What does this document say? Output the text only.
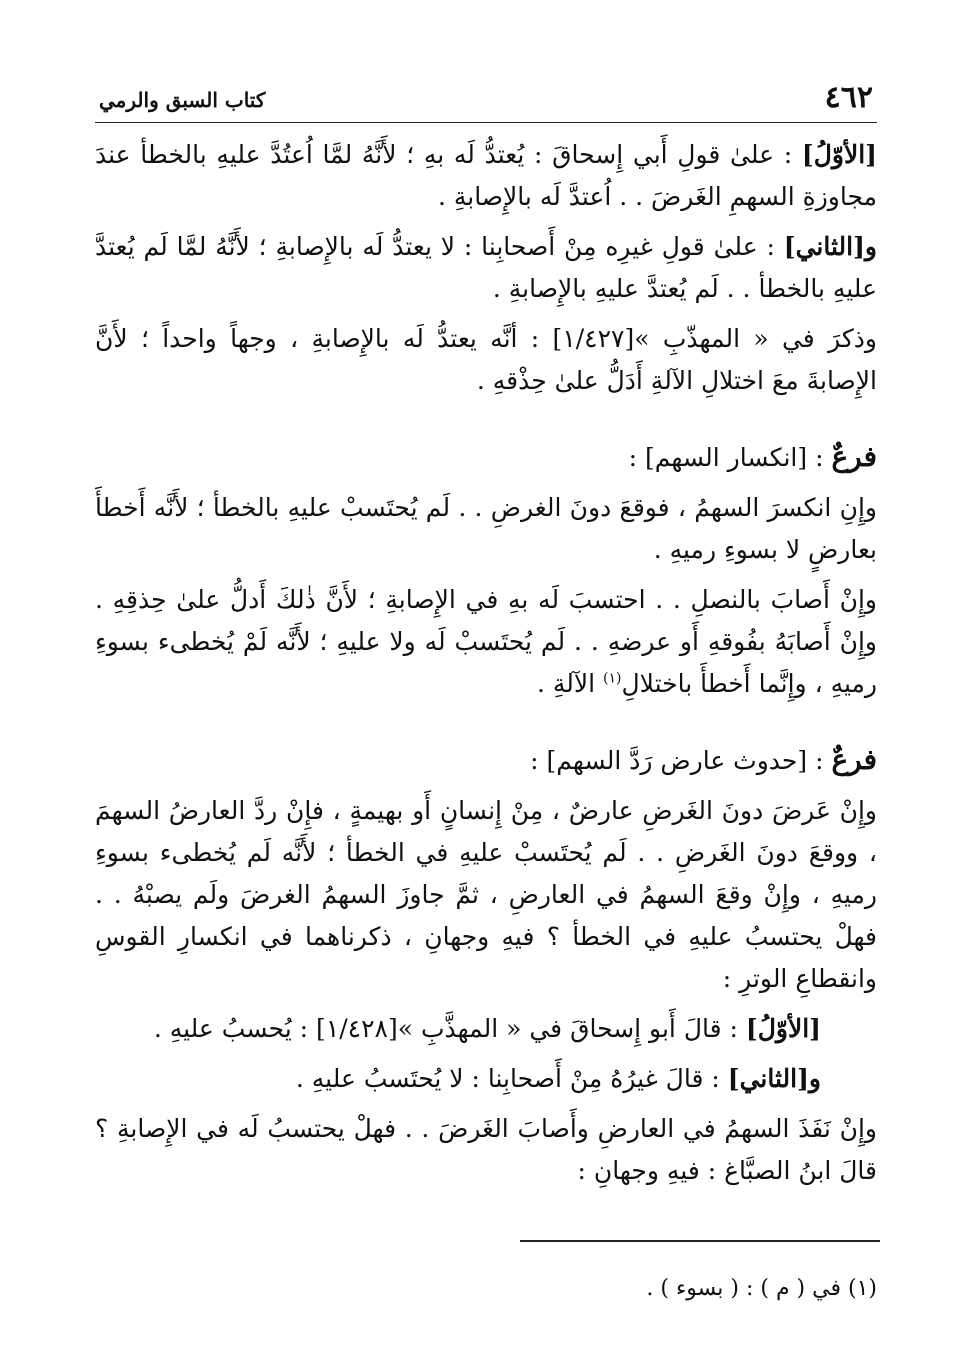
٤٦٢
كتاب السبق والرمي

[الأوّلُ] : علىٰ قولِ أَبي إِسحاقَ : يُعتدُّ لَه بهِ ؛ لأَنَّهُ لمَّا اُعتُدَّ عليهِ بالخطأ عندَ مجاوزةِ السهمِ الغَرضَ . . اُعتدَّ لَه بالإِصابةِ .

و[الثاني] : علىٰ قولِ غيرِه مِنْ أَصحابِنا : لا يعتدُّ لَه بالإِصابةِ ؛ لأَنَّهُ لمَّا لَم يُعتدَّ عليهِ بالخطأ . . لَم يُعتدَّ عليهِ بالإِصابةِ .

وذكرَ في « المهذّبِ »[١/٤٢٧] : أنَّه يعتدُّ لَه بالإِصابةِ ، وجهاً واحداً ؛ لأَنَّ الإِصابةَ معَ اختلالِ الآلةِ أَدَلُّ علىٰ حِذْقهِ .

فرعٌ : [انكسار السهم] :

وإِنِ انكسرَ السهمُ ، فوقعَ دونَ الغرضِ . . لَم يُحتَسبْ عليهِ بالخطأ ؛ لأَنَّه أَخطأَ بعارضٍ لا بسوءِ رميهِ .

وإِنْ أَصابَ بالنصلِ . . احتسبَ لَه بهِ في الإِصابةِ ؛ لأَنَّ ذٰلكَ أَدلُّ علىٰ حِذقِهِ . وإِنْ أَصابَهُ بفُوقهِ أَو عرضهِ . . لَم يُحتَسبْ لَه ولا عليهِ ؛ لأَنَّه لَمْ يُخطىء بسوءِ رميهِ ، وإِنَّما أَخطأَ باختلالِ$^{(١)}$ الآلةِ .

فرعٌ : [حدوث عارض رَدَّ السهم] :

وإِنْ عَرضَ دونَ الغَرضِ عارضٌ ، مِنْ إِنسانٍ أَو بهيمةٍ ، فإِنْ ردَّ العارضُ السهمَ ، ووقعَ دونَ الغَرضِ . . لَم يُحتَسبْ عليهِ في الخطأ ؛ لأَنَّه لَم يُخطىء بسوءِ رميهِ ، وإِنْ وقعَ السهمُ في العارضِ ، ثمَّ جاوزَ السهمُ الغرضَ ولَم يصبْهُ . . فهلْ يحتسبُ عليهِ في الخطأ ؟ فيهِ وجهانِ ، ذكرناهما في انكسارِ القوسِ وانقطاعِ الوترِ :

[الأوّلُ] : قالَ أَبو إِسحاقَ في « المهذَّبِ »[١/٤٢٨] : يُحسبُ عليهِ .

و[الثاني] : قالَ غيرُهُ مِنْ أَصحابِنا : لا يُحتَسبُ عليهِ .

وإِنْ نَفَذَ السهمُ في العارضِ وأَصابَ الغَرضَ . . فهلْ يحتسبُ لَه في الإِصابةِ ؟ قالَ ابنُ الصبَّاغ : فيهِ وجهانِ :

(١) في ( م ) : ( بسوء ) .
